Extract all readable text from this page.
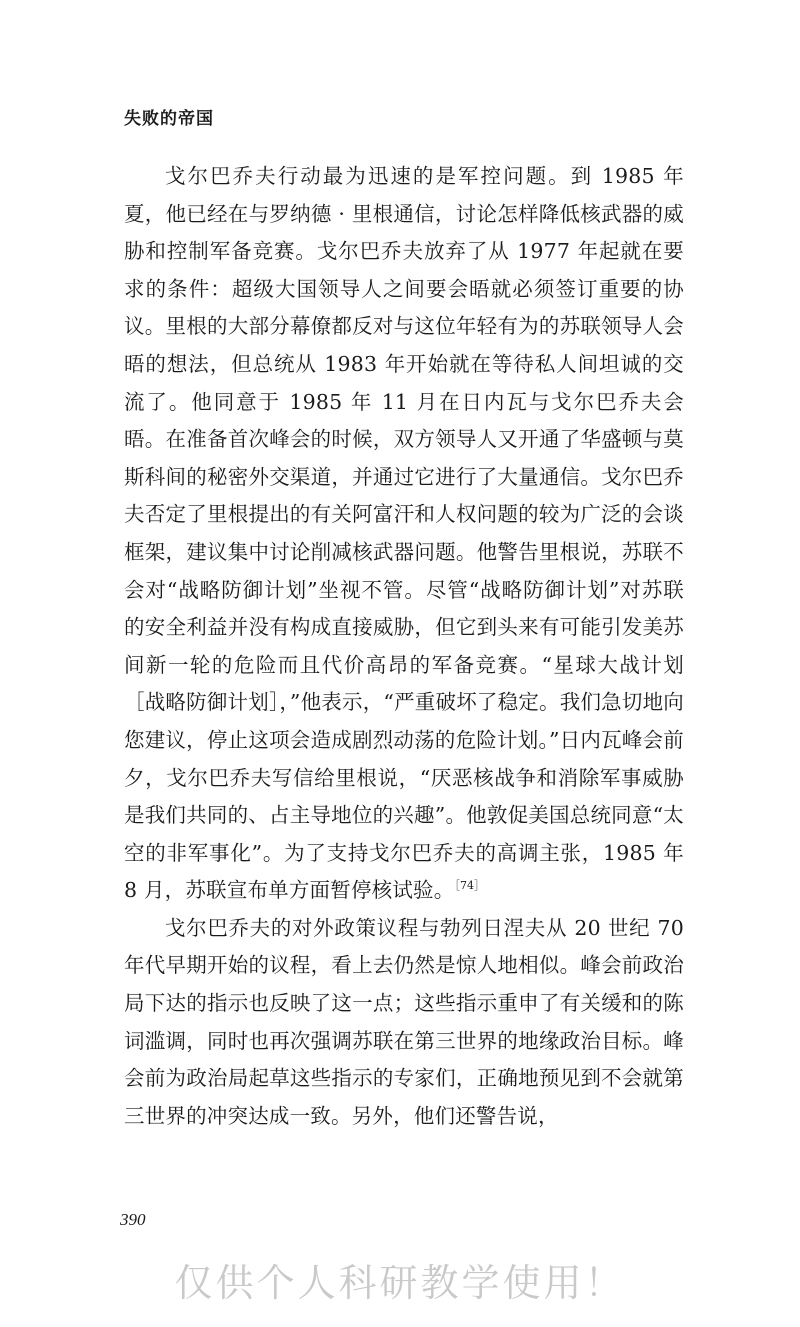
失败的帝国

戈尔巴乔夫行动最为迅速的是军控问题。到 1985 年夏，他已经在与罗纳德 · 里根通信，讨论怎样降低核武器的威胁和控制军备竞赛。戈尔巴乔夫放弃了从 1977 年起就在要求的条件：超级大国领导人之间要会晤就必须签订重要的协议。里根的大部分幕僚都反对与这位年轻有为的苏联领导人会晤的想法，但总统从 1983 年开始就在等待私人间坦诚的交流了。他同意于 1985 年 11 月在日内瓦与戈尔巴乔夫会晤。在准备首次峰会的时候，双方领导人又开通了华盛顿与莫斯科间的秘密外交渠道，并通过它进行了大量通信。戈尔巴乔夫否定了里根提出的有关阿富汗和人权问题的较为广泛的会谈框架，建议集中讨论削减核武器问题。他警告里根说，苏联不会对“战略防御计划”坐视不管。尽管“战略防御计划”对苏联的安全利益并没有构成直接威胁，但它到头来有可能引发美苏间新一轮的危险而且代价高昂的军备竞赛。“星球大战计划［战略防御计划］，”他表示，“严重破坏了稳定。我们急切地向您建议，停止这项会造成剧烈动荡的危险计划。”日内瓦峰会前夕，戈尔巴乔夫写信给里根说，“厌恶核战争和消除军事威胁是我们共同的、占主导地位的兴趣”。他敦促美国总统同意“太空的非军事化”。为了支持戈尔巴乔夫的高调主张，1985 年 8 月，苏联宣布单方面暂停核试验。$^{[74]}$

戈尔巴乔夫的对外政策议程与勃列日涅夫从 20 世纪 70 年代早期开始的议程，看上去仍然是惊人地相似。峰会前政治局下达的指示也反映了这一点；这些指示重申了有关缓和的陈词滥调，同时也再次强调苏联在第三世界的地缘政治目标。峰会前为政治局起草这些指示的专家们，正确地预见到不会就第三世界的冲突达成一致。另外，他们还警告说，

390
仅供个人科研教学使用！
